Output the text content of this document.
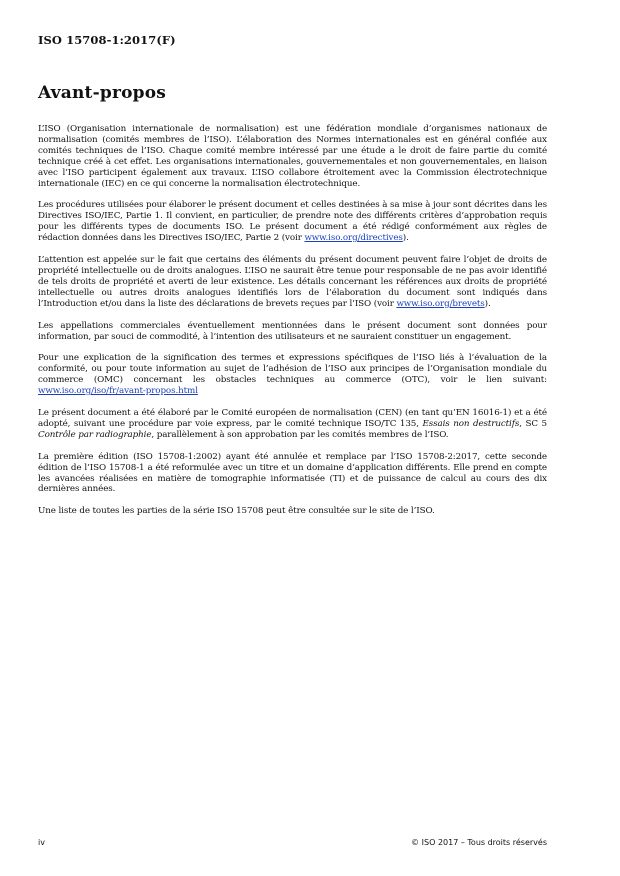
ISO 15708-1:2017(F)
Avant-propos

L’ISO (Organisation internationale de normalisation) est une fédération mondiale d’organismes nationaux de normalisation (comités membres de l’ISO). L’élaboration des Normes internationales est en général confiée aux comités techniques de l’ISO. Chaque comité membre intéressé par une étude a le droit de faire partie du comité technique créé à cet effet. Les organisations internationales, gouvernementales et non gouvernementales, en liaison avec l’ISO participent également aux travaux. L’ISO collabore étroitement avec la Commission électrotechnique internationale (IEC) en ce qui concerne la normalisation électrotechnique.

Les procédures utilisées pour élaborer le présent document et celles destinées à sa mise à jour sont décrites dans les Directives ISO/IEC, Partie 1. Il convient, en particulier, de prendre note des différents critères d’approbation requis pour les différents types de documents ISO. Le présent document a été rédigé conformément aux règles de rédaction données dans les Directives ISO/IEC, Partie 2 (voir www.iso.org/directives).

L’attention est appelée sur le fait que certains des éléments du présent document peuvent faire l’objet de droits de propriété intellectuelle ou de droits analogues. L’ISO ne saurait être tenue pour responsable de ne pas avoir identifié de tels droits de propriété et averti de leur existence. Les détails concernant les références aux droits de propriété intellectuelle ou autres droits analogues identifiés lors de l’élaboration du document sont indiqués dans l’Introduction et/ou dans la liste des déclarations de brevets reçues par l’ISO (voir www.iso.org/brevets).

Les appellations commerciales éventuellement mentionnées dans le présent document sont données pour information, par souci de commodité, à l’intention des utilisateurs et ne sauraient constituer un engagement.

Pour une explication de la signification des termes et expressions spécifiques de l’ISO liés à l’évaluation de la conformité, ou pour toute information au sujet de l’adhésion de l’ISO aux principes de l’Organisation mondiale du commerce (OMC) concernant les obstacles techniques au commerce (OTC), voir le lien suivant: www.iso.org/iso/fr/avant-propos.html

Le présent document a été élaboré par le Comité européen de normalisation (CEN) (en tant qu’EN 16016-1) et a été adopté, suivant une procédure par voie express, par le comité technique ISO/TC 135, Essais non destructifs, SC 5 Contrôle par radiographie, parallèlement à son approbation par les comités membres de l’ISO.

La première édition (ISO 15708-1:2002) ayant été annulée et remplace par l’ISO 15708-2:2017, cette seconde édition de l’ISO 15708-1 a été reformulée avec un titre et un domaine d’application différents. Elle prend en compte les avancées réalisées en matière de tomographie informatisée (TI) et de puissance de calcul au cours des dix dernières années.

Une liste de toutes les parties de la série ISO 15708 peut être consultée sur le site de l’ISO.

iv	© ISO 2017 – Tous droits réservés
